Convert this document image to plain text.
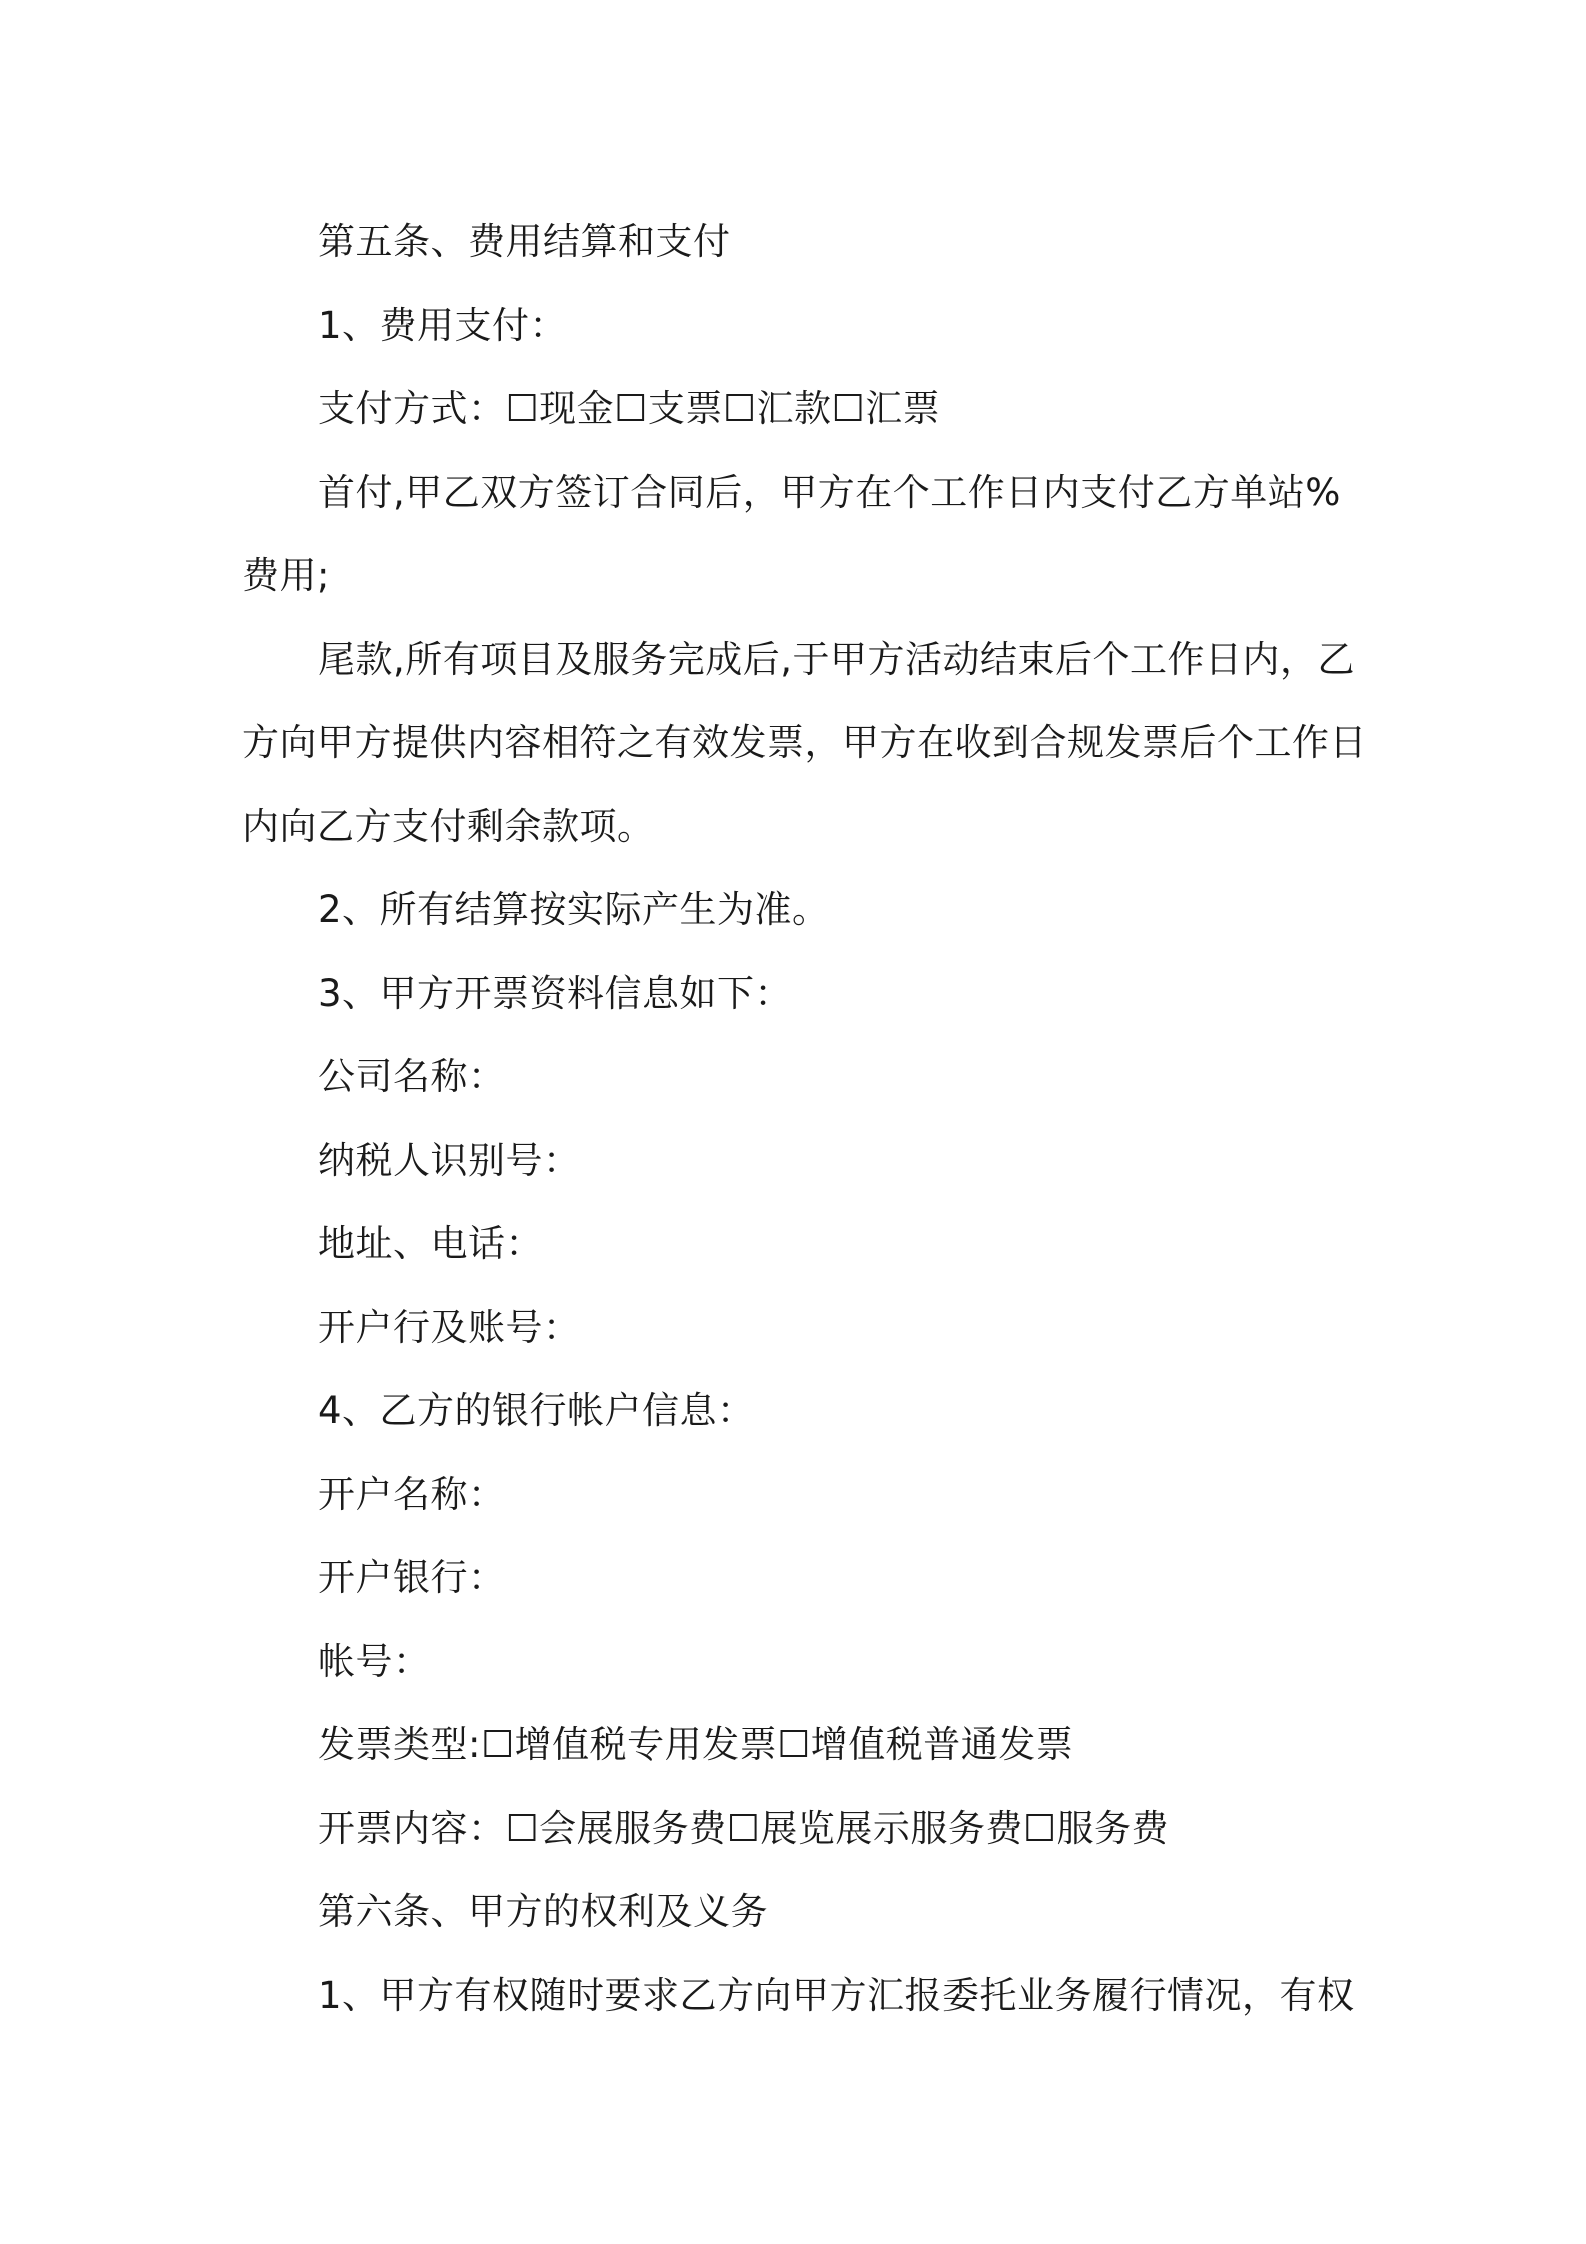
第五条、费用结算和支付

1、费用支付：

支付方式：☐现金☐支票☐汇款☐汇票

首付,甲乙双方签订合同后，甲方在个工作日内支付乙方单站%

费用;

尾款,所有项目及服务完成后,于甲方活动结束后个工作日内，乙

方向甲方提供内容相符之有效发票，甲方在收到合规发票后个工作日

内向乙方支付剩余款项。

2、所有结算按实际产生为准。

3、甲方开票资料信息如下：

公司名称：

纳税人识别号：

地址、电话：

开户行及账号：

4、乙方的银行帐户信息：

开户名称：

开户银行：

帐号：

发票类型:☐增值税专用发票☐增值税普通发票

开票内容：☐会展服务费☐展览展示服务费☐服务费

第六条、甲方的权利及义务

1、甲方有权随时要求乙方向甲方汇报委托业务履行情况，有权
